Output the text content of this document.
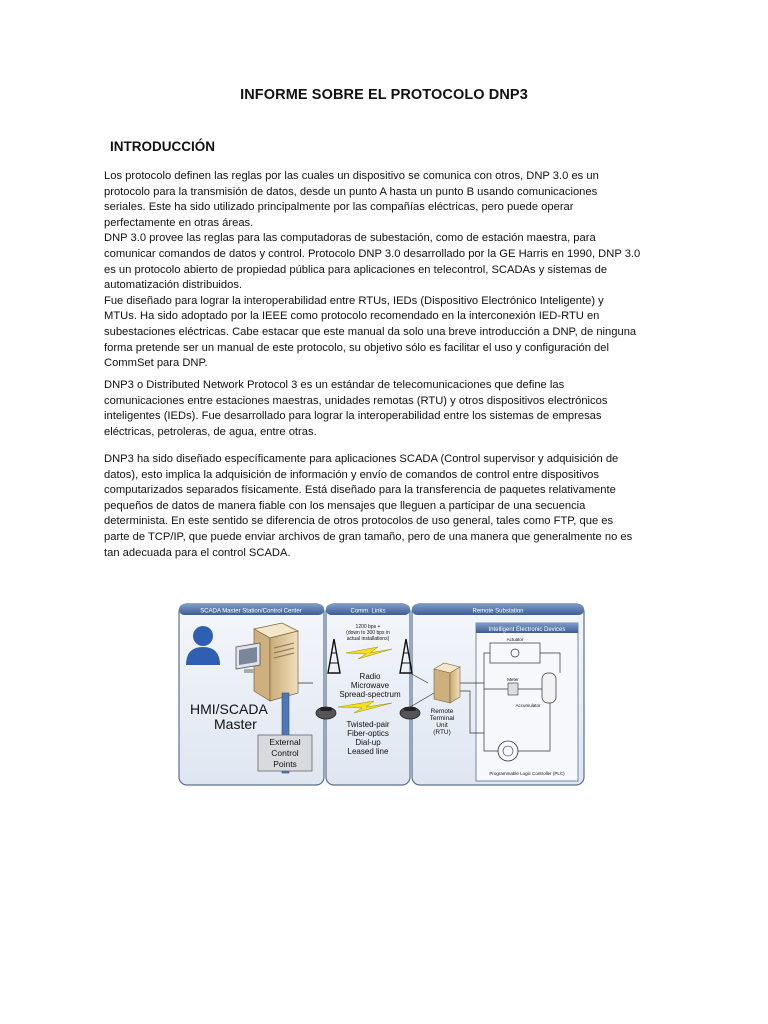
INFORME SOBRE EL PROTOCOLO DNP3
INTRODUCCIÓN

Los protocolo definen las reglas por las cuales un dispositivo se comunica con otros, DNP 3.0 es un
protocolo para la transmisión de datos, desde un punto A hasta un punto B usando comunicaciones
seriales. Este ha sido utilizado principalmente por las compañías eléctricas, pero puede operar
perfectamente en otras áreas.
DNP 3.0 provee las reglas para las computadoras de subestación, como de estación maestra, para
comunicar comandos de datos y control. Protocolo DNP 3.0 desarrollado por la GE Harris en 1990, DNP 3.0
es un protocolo abierto de propiedad pública para aplicaciones en telecontrol, SCADAs y sistemas de
automatización distribuidos.
Fue diseñado para lograr la interoperabilidad entre RTUs, IEDs (Dispositivo Electrónico Inteligente) y
MTUs. Ha sido adoptado por la IEEE como protocolo recomendado en la interconexión IED-RTU en
subestaciones eléctricas. Cabe estacar que este manual da solo una breve introducción a DNP, de ninguna
forma pretende ser un manual de este protocolo, su objetivo sólo es facilitar el uso y configuración del
CommSet para DNP.

DNP3 o Distributed Network Protocol 3 es un estándar de telecomunicaciones que define las
comunicaciones entre estaciones maestras, unidades remotas (RTU) y otros dispositivos electrónicos
inteligentes (IEDs). Fue desarrollado para lograr la interoperabilidad entre los sistemas de empresas
eléctricas, petroleras, de agua, entre otras.

DNP3 ha sido diseñado específicamente para aplicaciones SCADA (Control supervisor y adquisición de
datos), esto implica la adquisición de información y envío de comandos de control entre dispositivos
computarizados separados físicamente. Está diseñado para la transferencia de paquetes relativamente
pequeños de datos de manera fiable con los mensajes que lleguen a participar de una secuencia
determinista. En este sentido se diferencia de otros protocolos de uso general, tales como FTP, que es
parte de TCP/IP, que puede enviar archivos de gran tamaño, pero de una manera que generalmente no es
tan adecuada para el control SCADA.

SCADA Master Station/Control Center	Comm. Links	Remote Substation
HMI/SCADA
Master
External
Control
Points
1200 bps +
(down to 300 bps in
actual installations)
Radio
Microwave
Spread-spectrum
Twisted-pair
Fiber-optics
Dial-up
Leased line
Remote
Terminal
Unit
(RTU)
Intelligent Electronic Devices
Actuator
Meter
Accumulator
Programmable Logic Controller (PLC)
